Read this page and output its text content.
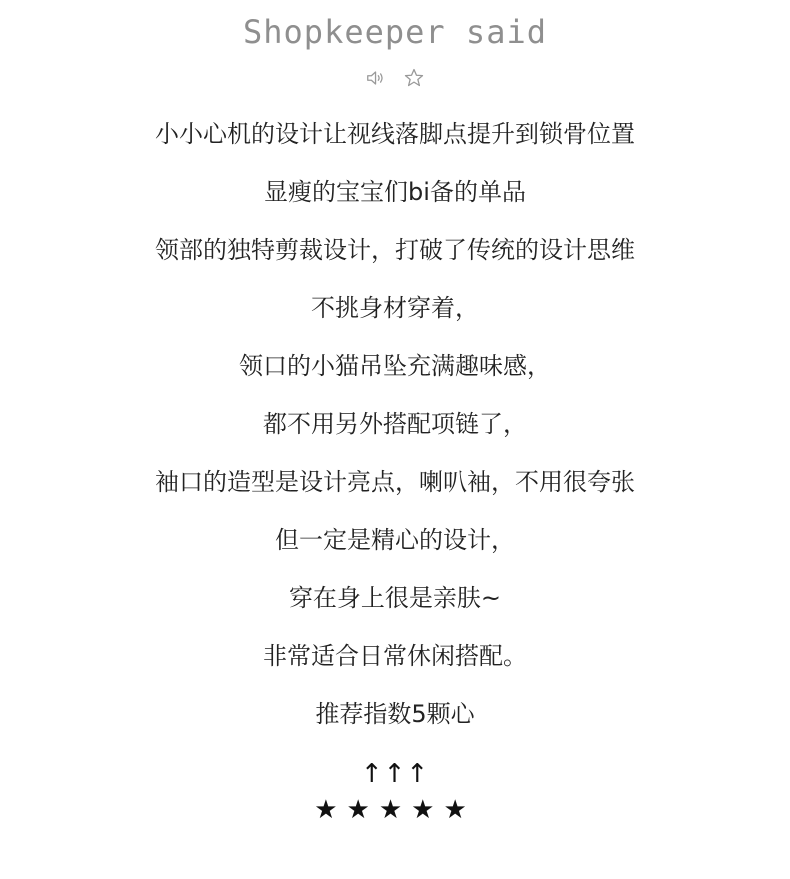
Shopkeeper said
小小心机的设计让视线落脚点提升到锁骨位置
显瘦的宝宝们bi备的单品
领部的独特剪裁设计，打破了传统的设计思维
不挑身材穿着，
领口的小猫吊坠充满趣味感，
都不用另外搭配项链了，
袖口的造型是设计亮点，喇叭袖，不用很夸张
但一定是精心的设计，
穿在身上很是亲肤~
非常适合日常休闲搭配。
推荐指数5颗心
↑↑↑
★★★★★
